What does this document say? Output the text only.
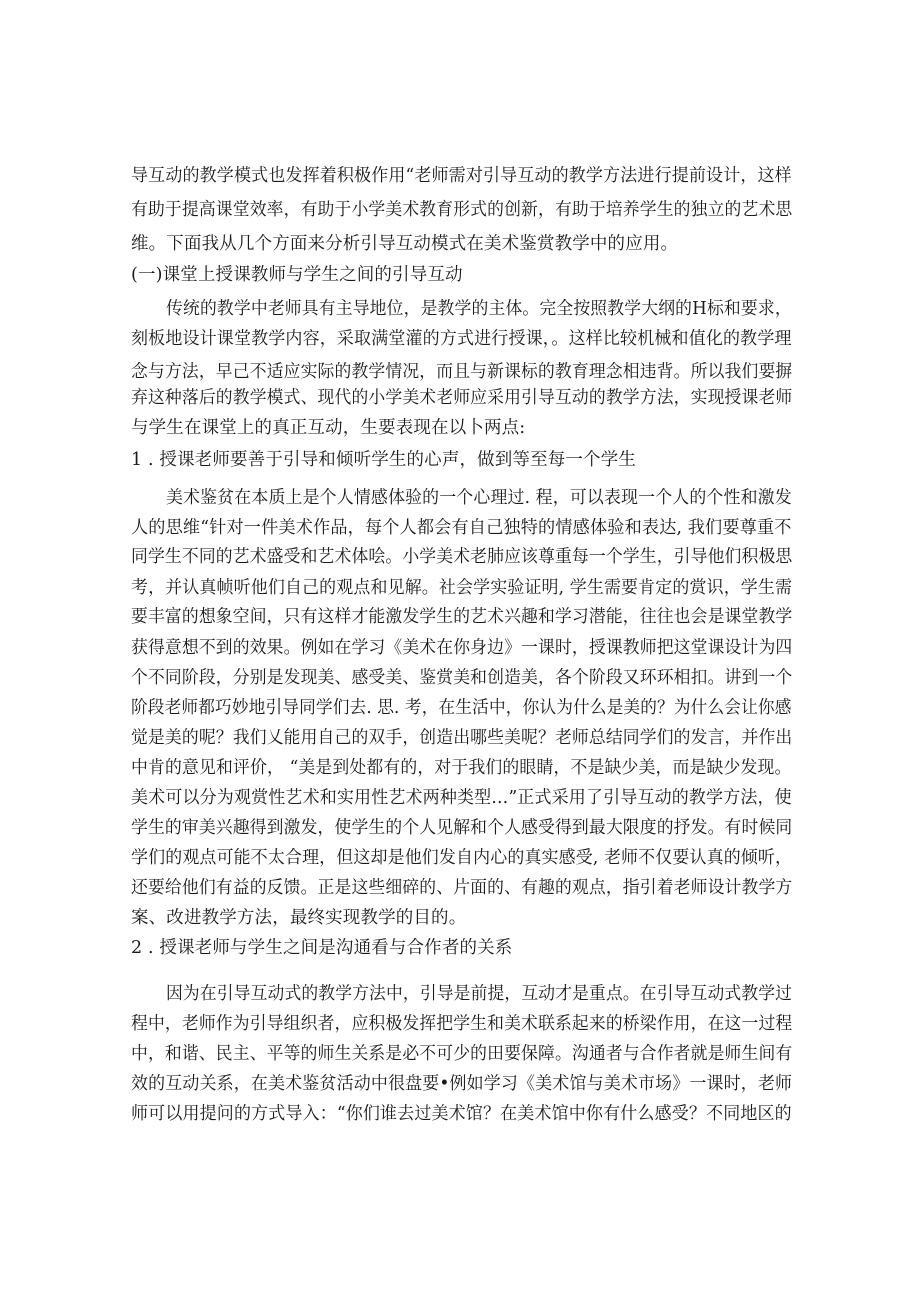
导互动的教学模式也发挥着积极作用“老师需对引导互动的教学方法进行提前设计，这样
有助于提高课堂效率，有助于小学美术教育形式的创新，有助于培养学生的独立的艺术思
维。下面我从几个方面来分析引导互动模式在美术鉴赏教学中的应用。
(一)课堂上授课教师与学生之间的引导互动
传统的教学中老师具有主导地位，是教学的主体。完全按照教学大纲的H标和要求，
刻板地设计课堂教学内容，采取满堂灌的方式进行授课，。这样比较机械和值化的教学理
念与方法，早己不适应实际的教学情况，而且与新课标的教育理念相违背。所以我们要摒
弃这种落后的教学模式、现代的小学美术老师应采用引导互动的教学方法，实现授课老师
与学生在课堂上的真正互动，生要表现在以卜两点:
1 . 授课老师要善于引导和倾听学生的心声，做到等至每一个学生
美术鉴贫在本质上是个人情感体验的一个心理过. 程，可以表现一个人的个性和激发
人的思维“针对一件美术作品，每个人都会有自己独特的情感体验和表达, 我们要尊重不
同学生不同的艺术盛受和艺术体哙。小学美术老肺应该尊重每一个学生，引导他们积极思
考，并认真帧听他们自己的观点和见解。社会学实验证明, 学生需要肯定的赏识，学生需
要丰富的想象空间，只有这样才能激发学生的艺术兴趣和学习潜能，往往也会是课堂教学
获得意想不到的效果。例如在学习《美术在你身边》一课时，授课教师把这堂课设计为四
个不同阶段，分别是发现美、感受美、鉴赏美和创造美，各个阶段又环环相扣。讲到一个
阶段老师都巧妙地引导同学们去. 思. 考，在生活中，你认为什么是美的？为什么会让你感
觉是美的呢？我们乂能用自己的双手，创造出哪些美呢？老师总结同学们的发言，并作出
中肯的意见和评价， “美是到处都有的，对于我们的眼睛，不是缺少美，而是缺少发现。
美术可以分为观赏性艺术和实用性艺术两种类型…”正式采用了引导互动的教学方法，使
学生的审美兴趣得到激发，使学生的个人见解和个人感受得到最大限度的抒发。有时候同
学们的观点可能不太合理，但这却是他们发自内心的真实感受, 老师不仅要认真的倾听，
还要给他们有益的反馈。正是这些细碎的、片面的、有趣的观点，指引着老师设计教学方
案、改进教学方法，最终实现教学的目的。
2 . 授课老师与学生之间是沟通看与合作者的关系
因为在引导互动式的教学方法中，引导是前提，互动才是重点。在引导互动式教学过
程中，老师作为引导组织者，应积极发挥把学生和美术联系起来的桥梁作用，在这一过程
中，和谐、民主、平等的师生关系是必不可少的田要保障。沟通者与合作者就是师生间有
效的互动关系，在美术鉴贫活动中很盘要•例如学习《美术馆与美术市场》一课时，老师
师可以用提问的方式导入：“你们谁去过美术馆？在美术馆中你有什么感受？不同地区的
